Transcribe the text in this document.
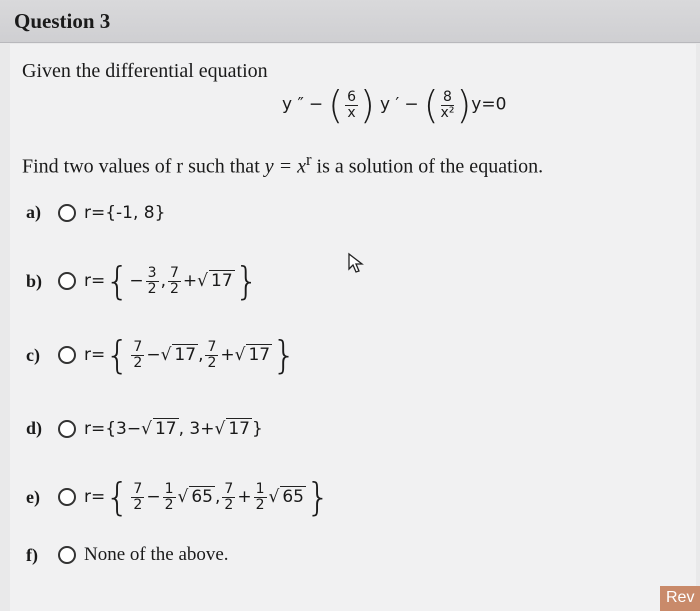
Question 3
Given the differential equation
y ″ − ( $\frac{6}{x}$ ) y ′ − ( $\frac{8}{\text{x²}} )y=0$
Find two values of r such that $y = x^r$ is a solution of the equation.
a)	r={-1, 8}
b)	$r=\{- \frac{3}{2}$ , $\frac{7}{2}$ +√ 17}
c)	$r=\{ \frac{7}{2}$ −√ 17 , $\frac{7}{2}$ +√ 17}
d)	r={3−√ 17 , 3+√ 17 }
e)	$r=\{ \frac{7}{2} - \frac{1}{2}$ √ 65 , $\frac{7}{2} + \frac{1}{2}$ √ 65}
f)	None of the above.
Rev
